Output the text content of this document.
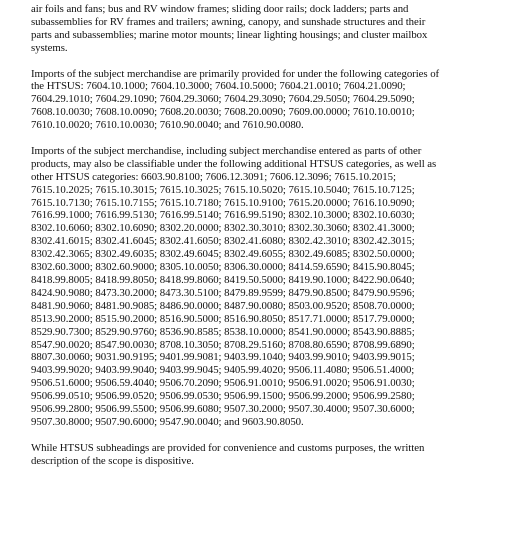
air foils and fans; bus and RV window frames; sliding door rails; dock ladders; parts and
subassemblies for RV frames and trailers; awning, canopy, and sunshade structures and their
parts and subassemblies; marine motor mounts; linear lighting housings; and cluster mailbox
systems.

Imports of the subject merchandise are primarily provided for under the following categories of
the HTSUS: 7604.10.1000; 7604.10.3000; 7604.10.5000; 7604.21.0010; 7604.21.0090;
7604.29.1010; 7604.29.1090; 7604.29.3060; 7604.29.3090; 7604.29.5050; 7604.29.5090;
7608.10.0030; 7608.10.0090; 7608.20.0030; 7608.20.0090; 7609.00.0000; 7610.10.0010;
7610.10.0020; 7610.10.0030; 7610.90.0040; and 7610.90.0080.

Imports of the subject merchandise, including subject merchandise entered as parts of other
products, may also be classifiable under the following additional HTSUS categories, as well as
other HTSUS categories: 6603.90.8100; 7606.12.3091; 7606.12.3096; 7615.10.2015;
7615.10.2025; 7615.10.3015; 7615.10.3025; 7615.10.5020; 7615.10.5040; 7615.10.7125;
7615.10.7130; 7615.10.7155; 7615.10.7180; 7615.10.9100; 7615.20.0000; 7616.10.9090;
7616.99.1000; 7616.99.5130; 7616.99.5140; 7616.99.5190; 8302.10.3000; 8302.10.6030;
8302.10.6060; 8302.10.6090; 8302.20.0000; 8302.30.3010; 8302.30.3060; 8302.41.3000;
8302.41.6015; 8302.41.6045; 8302.41.6050; 8302.41.6080; 8302.42.3010; 8302.42.3015;
8302.42.3065; 8302.49.6035; 8302.49.6045; 8302.49.6055; 8302.49.6085; 8302.50.0000;
8302.60.3000; 8302.60.9000; 8305.10.0050; 8306.30.0000; 8414.59.6590; 8415.90.8045;
8418.99.8005; 8418.99.8050; 8418.99.8060; 8419.50.5000; 8419.90.1000; 8422.90.0640;
8424.90.9080; 8473.30.2000; 8473.30.5100; 8479.89.9599; 8479.90.8500; 8479.90.9596;
8481.90.9060; 8481.90.9085; 8486.90.0000; 8487.90.0080; 8503.00.9520; 8508.70.0000;
8513.90.2000; 8515.90.2000; 8516.90.5000; 8516.90.8050; 8517.71.0000; 8517.79.0000;
8529.90.7300; 8529.90.9760; 8536.90.8585; 8538.10.0000; 8541.90.0000; 8543.90.8885;
8547.90.0020; 8547.90.0030; 8708.10.3050; 8708.29.5160; 8708.80.6590; 8708.99.6890;
8807.30.0060; 9031.90.9195; 9401.99.9081; 9403.99.1040; 9403.99.9010; 9403.99.9015;
9403.99.9020; 9403.99.9040; 9403.99.9045; 9405.99.4020; 9506.11.4080; 9506.51.4000;
9506.51.6000; 9506.59.4040; 9506.70.2090; 9506.91.0010; 9506.91.0020; 9506.91.0030;
9506.99.0510; 9506.99.0520; 9506.99.0530; 9506.99.1500; 9506.99.2000; 9506.99.2580;
9506.99.2800; 9506.99.5500; 9506.99.6080; 9507.30.2000; 9507.30.4000; 9507.30.6000;
9507.30.8000; 9507.90.6000; 9547.90.0040; and 9603.90.8050.

While HTSUS subheadings are provided for convenience and customs purposes, the written
description of the scope is dispositive.
